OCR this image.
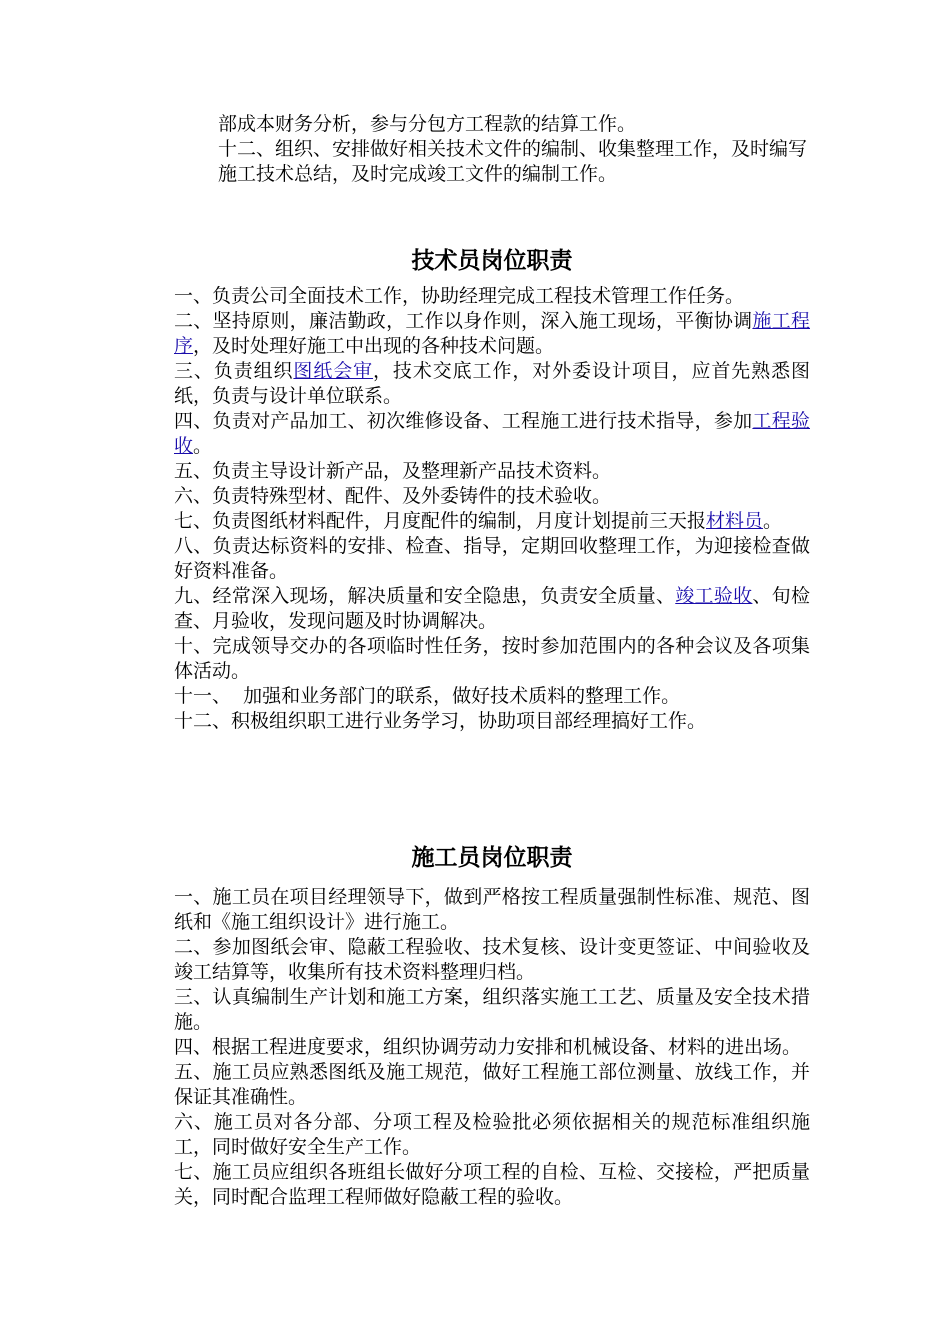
部成本财务分析，参与分包方工程款的结算工作。

十二、组织、安排做好相关技术文件的编制、收集整理工作，及时编写施工技术总结，及时完成竣工文件的编制工作。

技术员岗位职责

一、负责公司全面技术工作，协助经理完成工程技术管理工作任务。

二、坚持原则，廉洁勤政，工作以身作则，深入施工现场，平衡协调施工程序，及时处理好施工中出现的各种技术问题。

三、负责组织图纸会审，技术交底工作，对外委设计项目，应首先熟悉图纸，负责与设计单位联系。

四、负责对产品加工、初次维修设备、工程施工进行技术指导，参加工程验收。

五、负责主导设计新产品，及整理新产品技术资料。

六、负责特殊型材、配件、及外委铸件的技术验收。

七、负责图纸材料配件，月度配件的编制，月度计划提前三天报材料员。

八、负责达标资料的安排、检查、指导，定期回收整理工作，为迎接检查做好资料准备。

九、经常深入现场，解决质量和安全隐患，负责安全质量、竣工验收、旬检查、月验收，发现问题及时协调解决。

十、完成领导交办的各项临时性任务，按时参加范围内的各种会议及各项集体活动。

十一、  加强和业务部门的联系，做好技术质料的整理工作。

十二、积极组织职工进行业务学习，协助项目部经理搞好工作。

施工员岗位职责

一、施工员在项目经理领导下，做到严格按工程质量强制性标准、规范、图纸和《施工组织设计》进行施工。

二、参加图纸会审、隐蔽工程验收、技术复核、设计变更签证、中间验收及竣工结算等，收集所有技术资料整理归档。

三、认真编制生产计划和施工方案，组织落实施工工艺、质量及安全技术措施。

四、根据工程进度要求，组织协调劳动力安排和机械设备、材料的进出场。

五、施工员应熟悉图纸及施工规范，做好工程施工部位测量、放线工作，并保证其准确性。

六、施工员对各分部、分项工程及检验批必须依据相关的规范标准组织施工，同时做好安全生产工作。

七、施工员应组织各班组长做好分项工程的自检、互检、交接检，严把质量关，同时配合监理工程师做好隐蔽工程的验收。
